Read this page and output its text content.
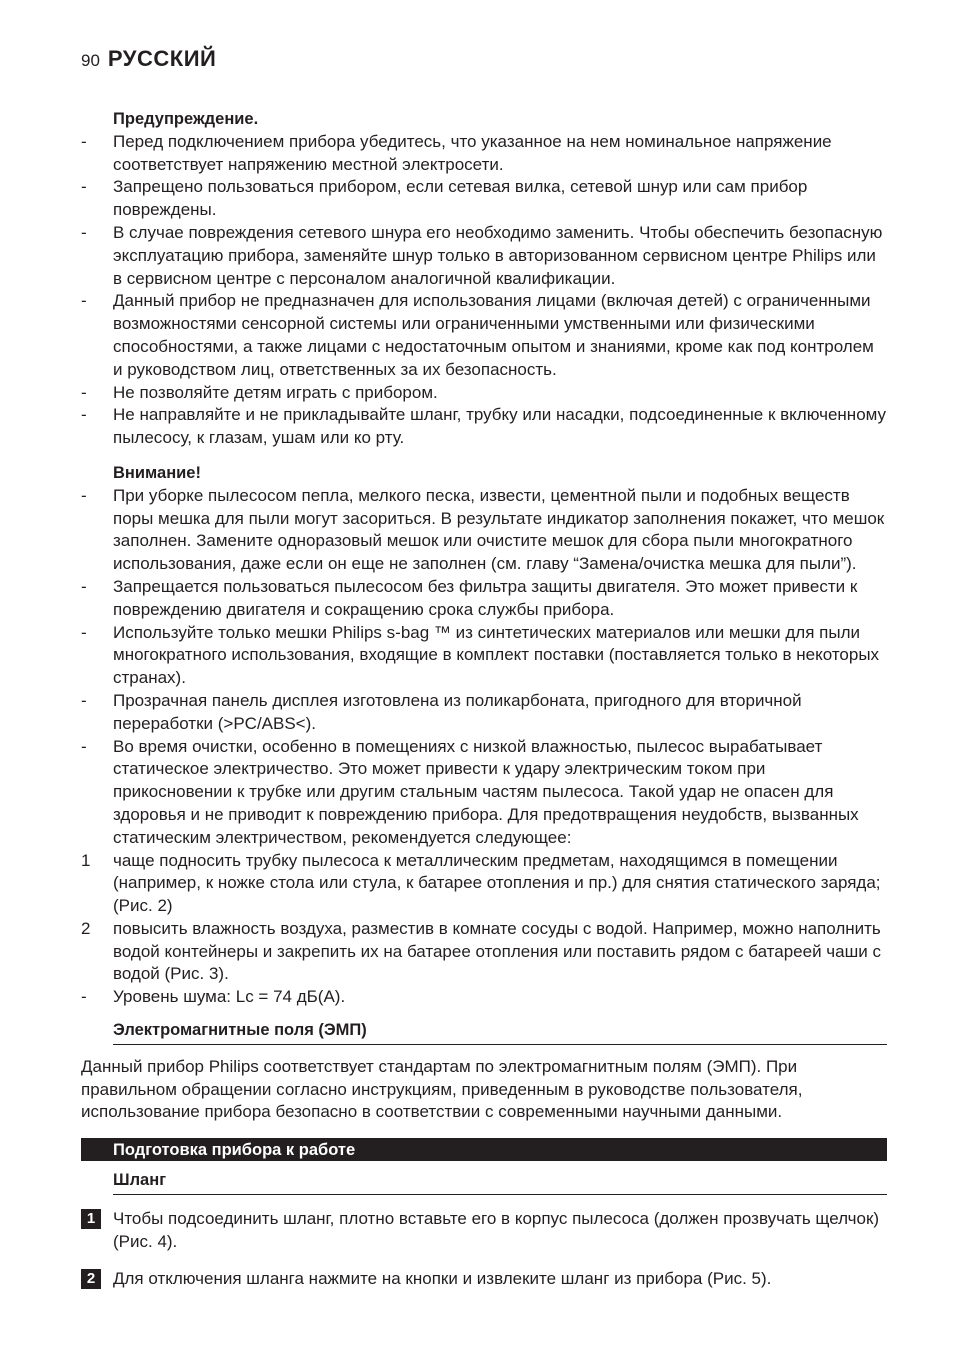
90 РУССКИЙ
Предупреждение.
-	Перед подключением прибора убедитесь, что указанное на нем номинальное напряжение соответствует напряжению местной электросети.
-	Запрещено пользоваться прибором, если сетевая вилка, сетевой шнур или сам прибор повреждены.
-	В случае повреждения сетевого шнура его необходимо заменить. Чтобы обеспечить безопасную эксплуатацию прибора, заменяйте шнур только в авторизованном сервисном центре Philips или в сервисном центре с персоналом аналогичной квалификации.
-	Данный прибор не предназначен для использования лицами (включая детей) с ограниченными возможностями сенсорной системы или ограниченными умственными или физическими способностями, а также лицами с недостаточным опытом и знаниями, кроме как под контролем и руководством лиц, ответственных за их безопасность.
-	Не позволяйте детям играть с прибором.
-	Не направляйте и не прикладывайте шланг, трубку или насадки, подсоединенные к включенному пылесосу, к глазам, ушам или ко рту.
Внимание!
-	При уборке пылесосом пепла, мелкого песка, извести, цементной пыли и подобных веществ поры мешка для пыли могут засориться. В результате индикатор заполнения покажет, что мешок заполнен. Замените одноразовый мешок или очистите мешок для сбора пыли многократного использования, даже если он еще не заполнен (см. главу “Замена/очистка мешка для пыли”).
-	Запрещается пользоваться пылесосом без фильтра защиты двигателя. Это может привести к повреждению двигателя и сокращению срока службы прибора.
-	Используйте только мешки Philips s-bag ™ из синтетических материалов или мешки для пыли многократного использования, входящие в комплект поставки (поставляется только в некоторых странах).
-	Прозрачная панель дисплея изготовлена из поликарбоната, пригодного для вторичной переработки (>PC/ABS<).
-	Во время очистки, особенно в помещениях с низкой влажностью, пылесос вырабатывает статическое электричество. Это может привести к удару электрическим током при прикосновении к трубке или другим стальным частям пылесоса. Такой удар не опасен для здоровья и не приводит к повреждению прибора. Для предотвращения неудобств, вызванных статическим электричеством, рекомендуется следующее:
1	чаще подносить трубку пылесоса к металлическим предметам, находящимся в помещении (например, к ножке стола или стула, к батарее отопления и пр.) для снятия статического заряда; (Рис. 2)
2	повысить влажность воздуха, разместив в комнате сосуды с водой. Например, можно наполнить водой контейнеры и закрепить их на батарее отопления или поставить рядом с батареей чаши с водой (Рис. 3).
-	Уровень шума: Lc = 74 дБ(А).
Электромагнитные поля (ЭМП)
Данный прибор Philips соответствует стандартам по электромагнитным полям (ЭМП). При правильном обращении согласно инструкциям, приведенным в руководстве пользователя, использование прибора безопасно в соответствии с современными научными данными.
Подготовка прибора к работе
Шланг
1	Чтобы подсоединить шланг, плотно вставьте его в корпус пылесоса (должен прозвучать щелчок) (Рис. 4).
2	Для отключения шланга нажмите на кнопки и извлеките шланг из прибора (Рис. 5).
